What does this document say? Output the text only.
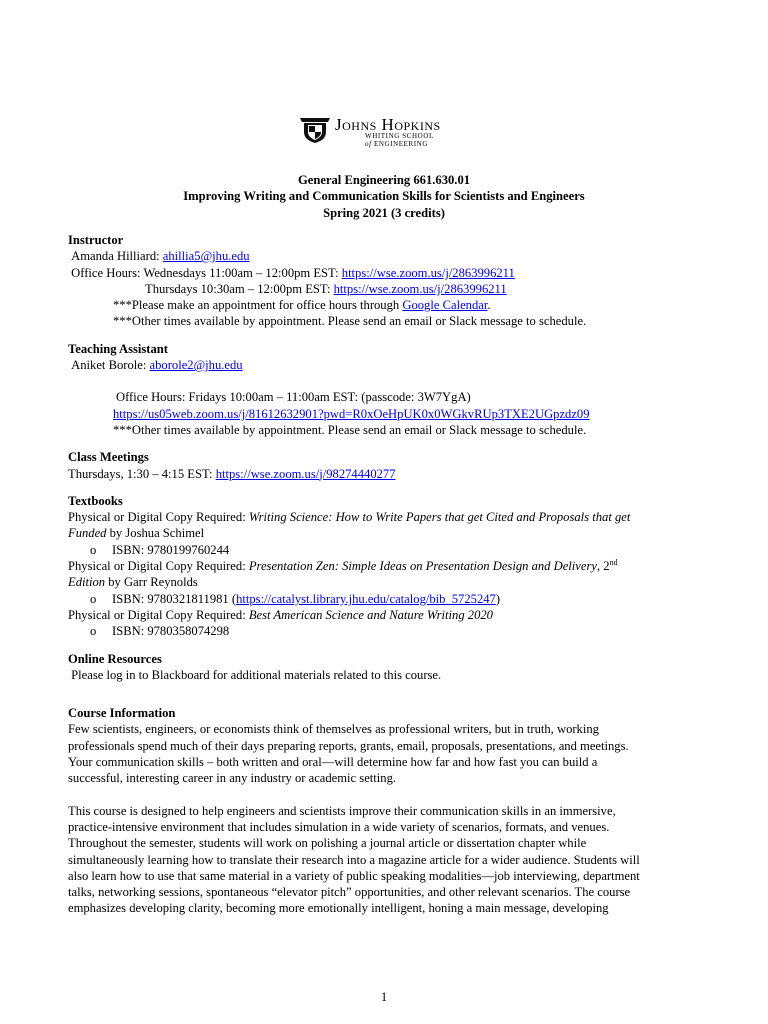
Johns Hopkins
WHITING SCHOOL
of ENGINEERING
General Engineering 661.630.01
Improving Writing and Communication Skills for Scientists and Engineers
Spring 2021 (3 credits)
Instructor
Amanda Hilliard: ahillia5@jhu.edu
Office Hours: Wednesdays 11:00am – 12:00pm EST: https://wse.zoom.us/j/2863996211
Thursdays 10:30am – 12:00pm EST: https://wse.zoom.us/j/2863996211
***Please make an appointment for office hours through Google Calendar.
***Other times available by appointment. Please send an email or Slack message to schedule.
Teaching Assistant
Aniket Borole: aborole2@jhu.edu
Office Hours: Fridays 10:00am – 11:00am EST: (passcode: 3W7YgA)
https://us05web.zoom.us/j/81612632901?pwd=R0xOeHpUK0x0WGkvRUp3TXE2UGpzdz09
***Other times available by appointment. Please send an email or Slack message to schedule.
Class Meetings
Thursdays, 1:30 – 4:15 EST: https://wse.zoom.us/j/98274440277
Textbooks
Physical or Digital Copy Required: Writing Science: How to Write Papers that get Cited and Proposals that get
Funded by Joshua Schimel
o ISBN: 9780199760244
Physical or Digital Copy Required: Presentation Zen: Simple Ideas on Presentation Design and Delivery, 2nd
Edition by Garr Reynolds
o ISBN: 9780321811981 (https://catalyst.library.jhu.edu/catalog/bib_5725247)
Physical or Digital Copy Required: Best American Science and Nature Writing 2020
o ISBN: 9780358074298
Online Resources
Please log in to Blackboard for additional materials related to this course.
Course Information

Few scientists, engineers, or economists think of themselves as professional writers, but in truth, working

professionals spend much of their days preparing reports, grants, email, proposals, presentations, and meetings.

Your communication skills – both written and oral—will determine how far and how fast you can build a

successful, interesting career in any industry or academic setting.

This course is designed to help engineers and scientists improve their communication skills in an immersive,

practice-intensive environment that includes simulation in a wide variety of scenarios, formats, and venues.

Throughout the semester, students will work on polishing a journal article or dissertation chapter while

simultaneously learning how to translate their research into a magazine article for a wider audience. Students will

also learn how to use that same material in a variety of public speaking modalities—job interviewing, department

talks, networking sessions, spontaneous “elevator pitch” opportunities, and other relevant scenarios. The course

emphasizes developing clarity, becoming more emotionally intelligent, honing a main message, developing

1
